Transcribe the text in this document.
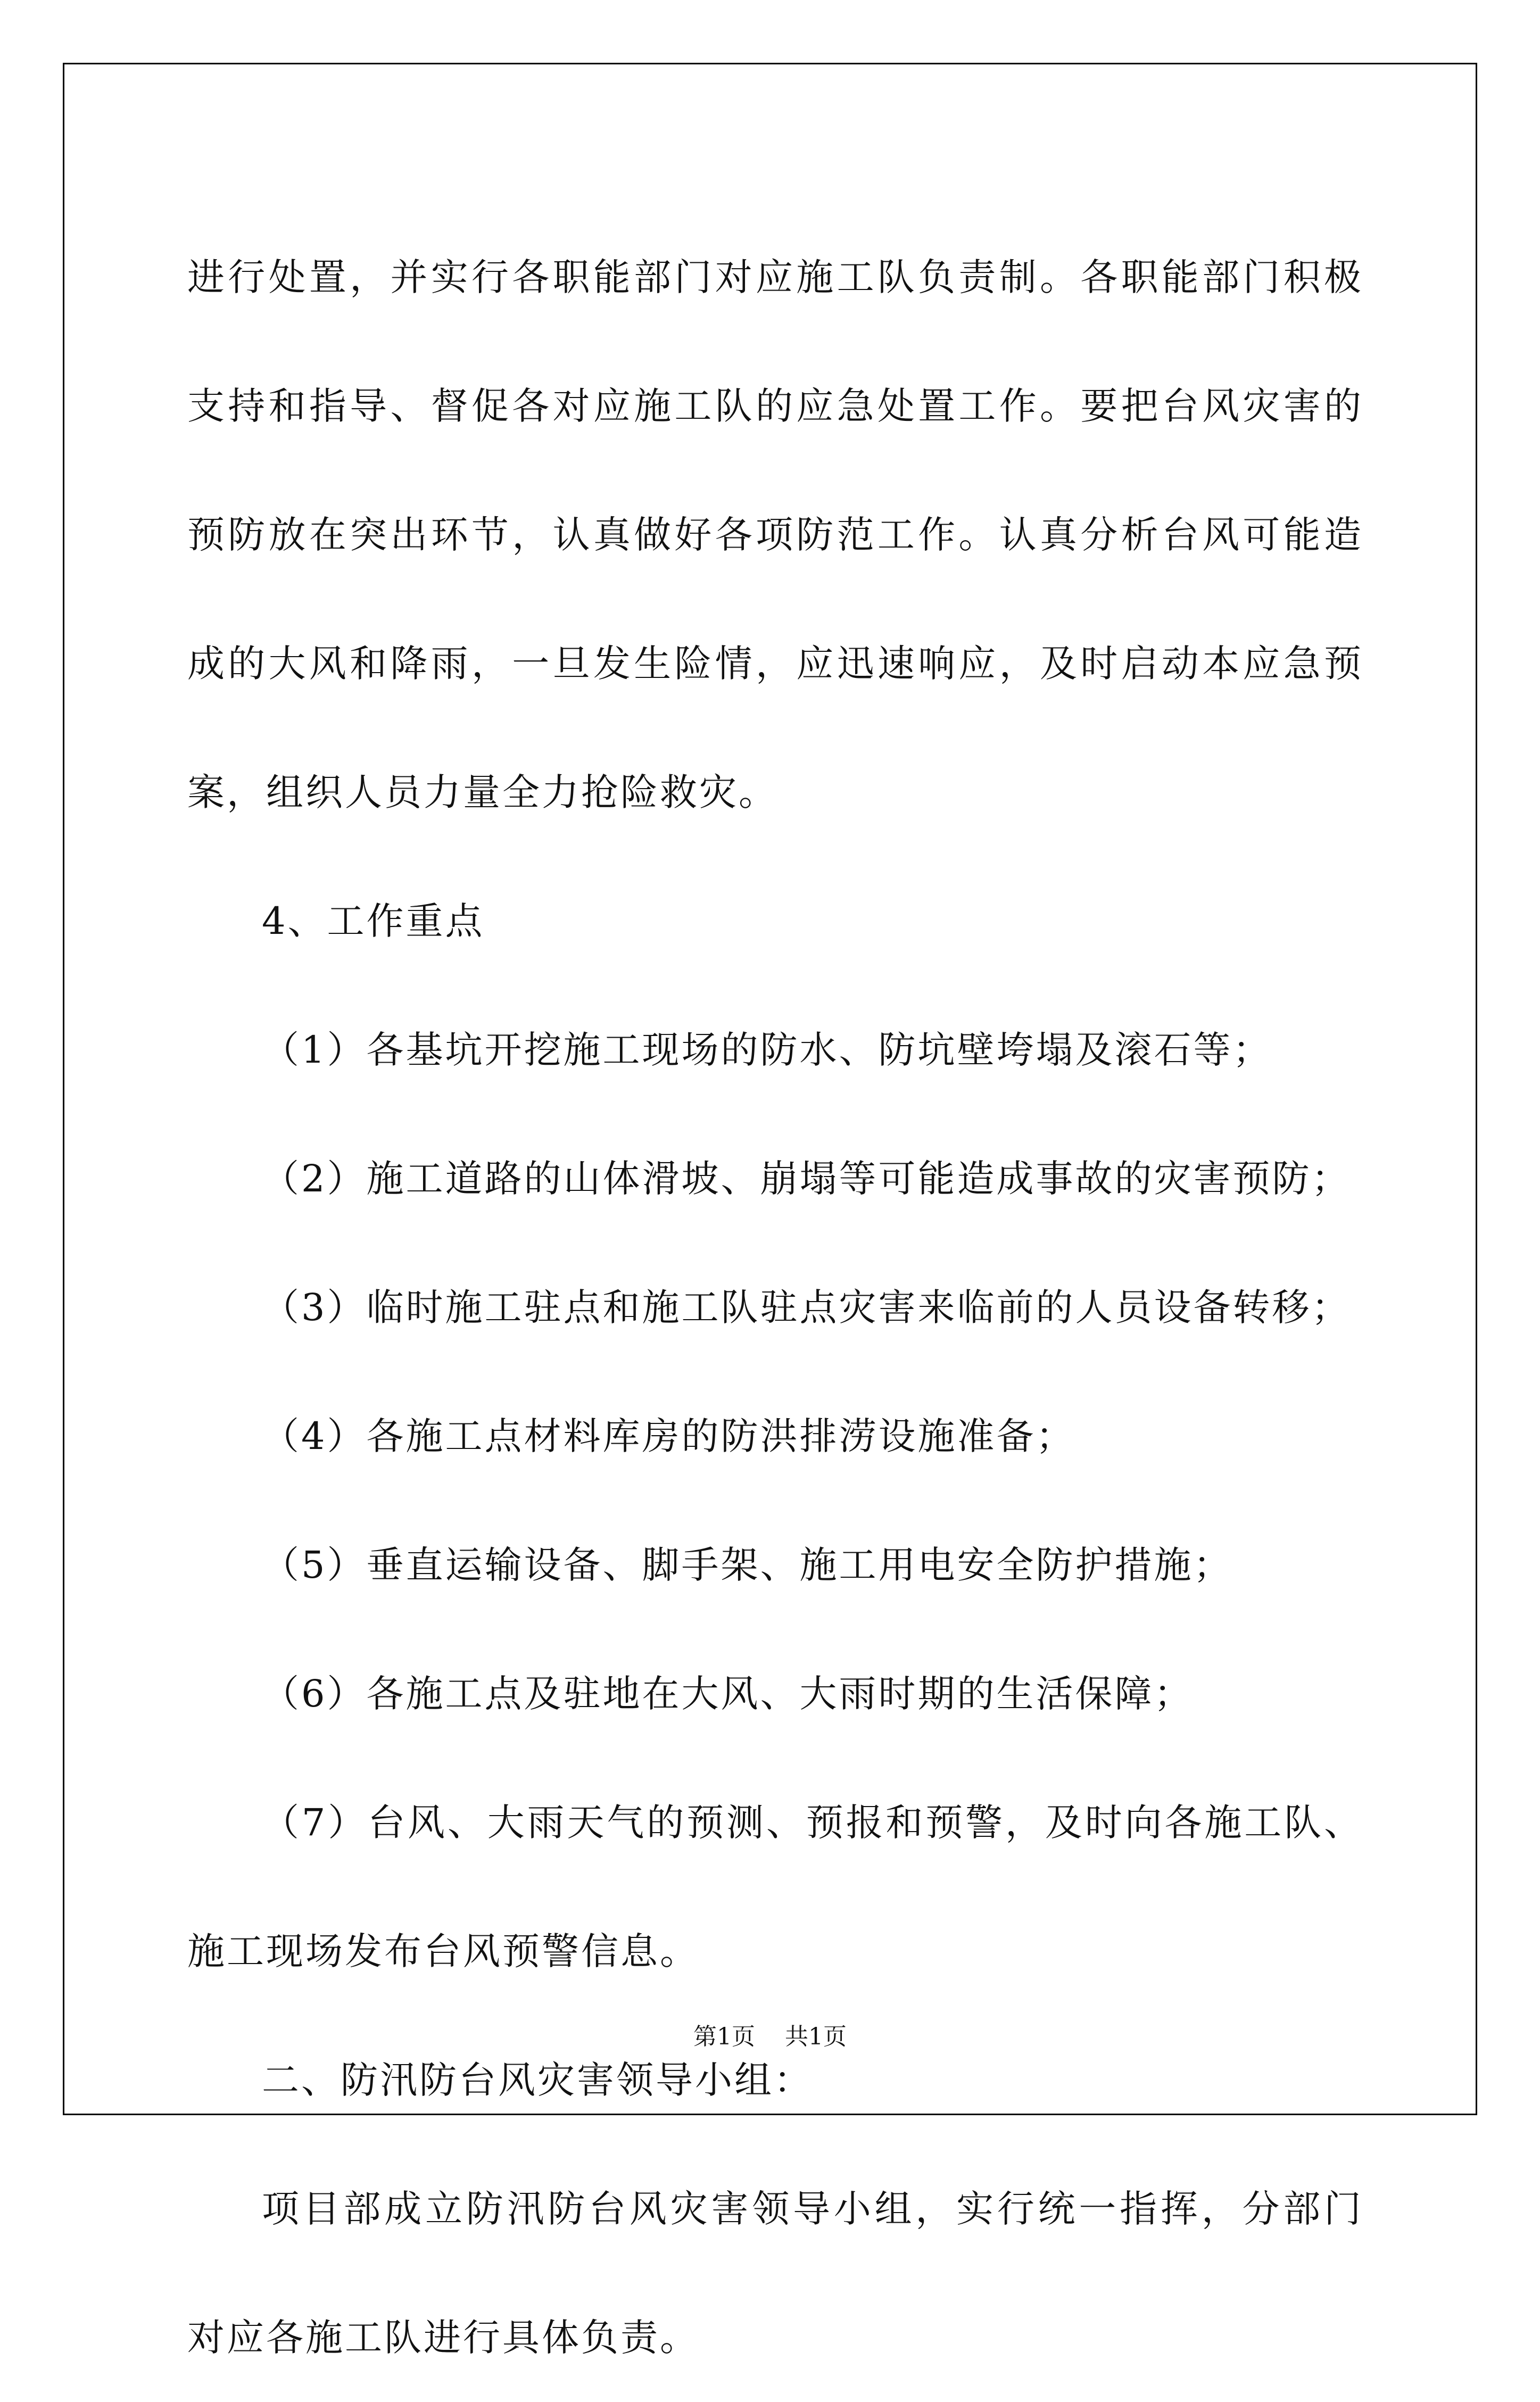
进行处置，并实行各职能部门对应施工队负责制。各职能部门积极支持和指导、督促各对应施工队的应急处置工作。要把台风灾害的预防放在突出环节，认真做好各项防范工作。认真分析台风可能造成的大风和降雨，一旦发生险情，应迅速响应，及时启动本应急预案，组织人员力量全力抢险救灾。

4、工作重点

（1）各基坑开挖施工现场的防水、防坑壁垮塌及滚石等；

（2）施工道路的山体滑坡、崩塌等可能造成事故的灾害预防；

（3）临时施工驻点和施工队驻点灾害来临前的人员设备转移；

（4）各施工点材料库房的防洪排涝设施准备；

（5）垂直运输设备、脚手架、施工用电安全防护措施；

（6）各施工点及驻地在大风、大雨时期的生活保障；

（7）台风、大雨天气的预测、预报和预警，及时向各施工队、施工现场发布台风预警信息。

二、防汛防台风灾害领导小组：

项目部成立防汛防台风灾害领导小组，实行统一指挥，分部门对应各施工队进行具体负责。

第1页 共1页
